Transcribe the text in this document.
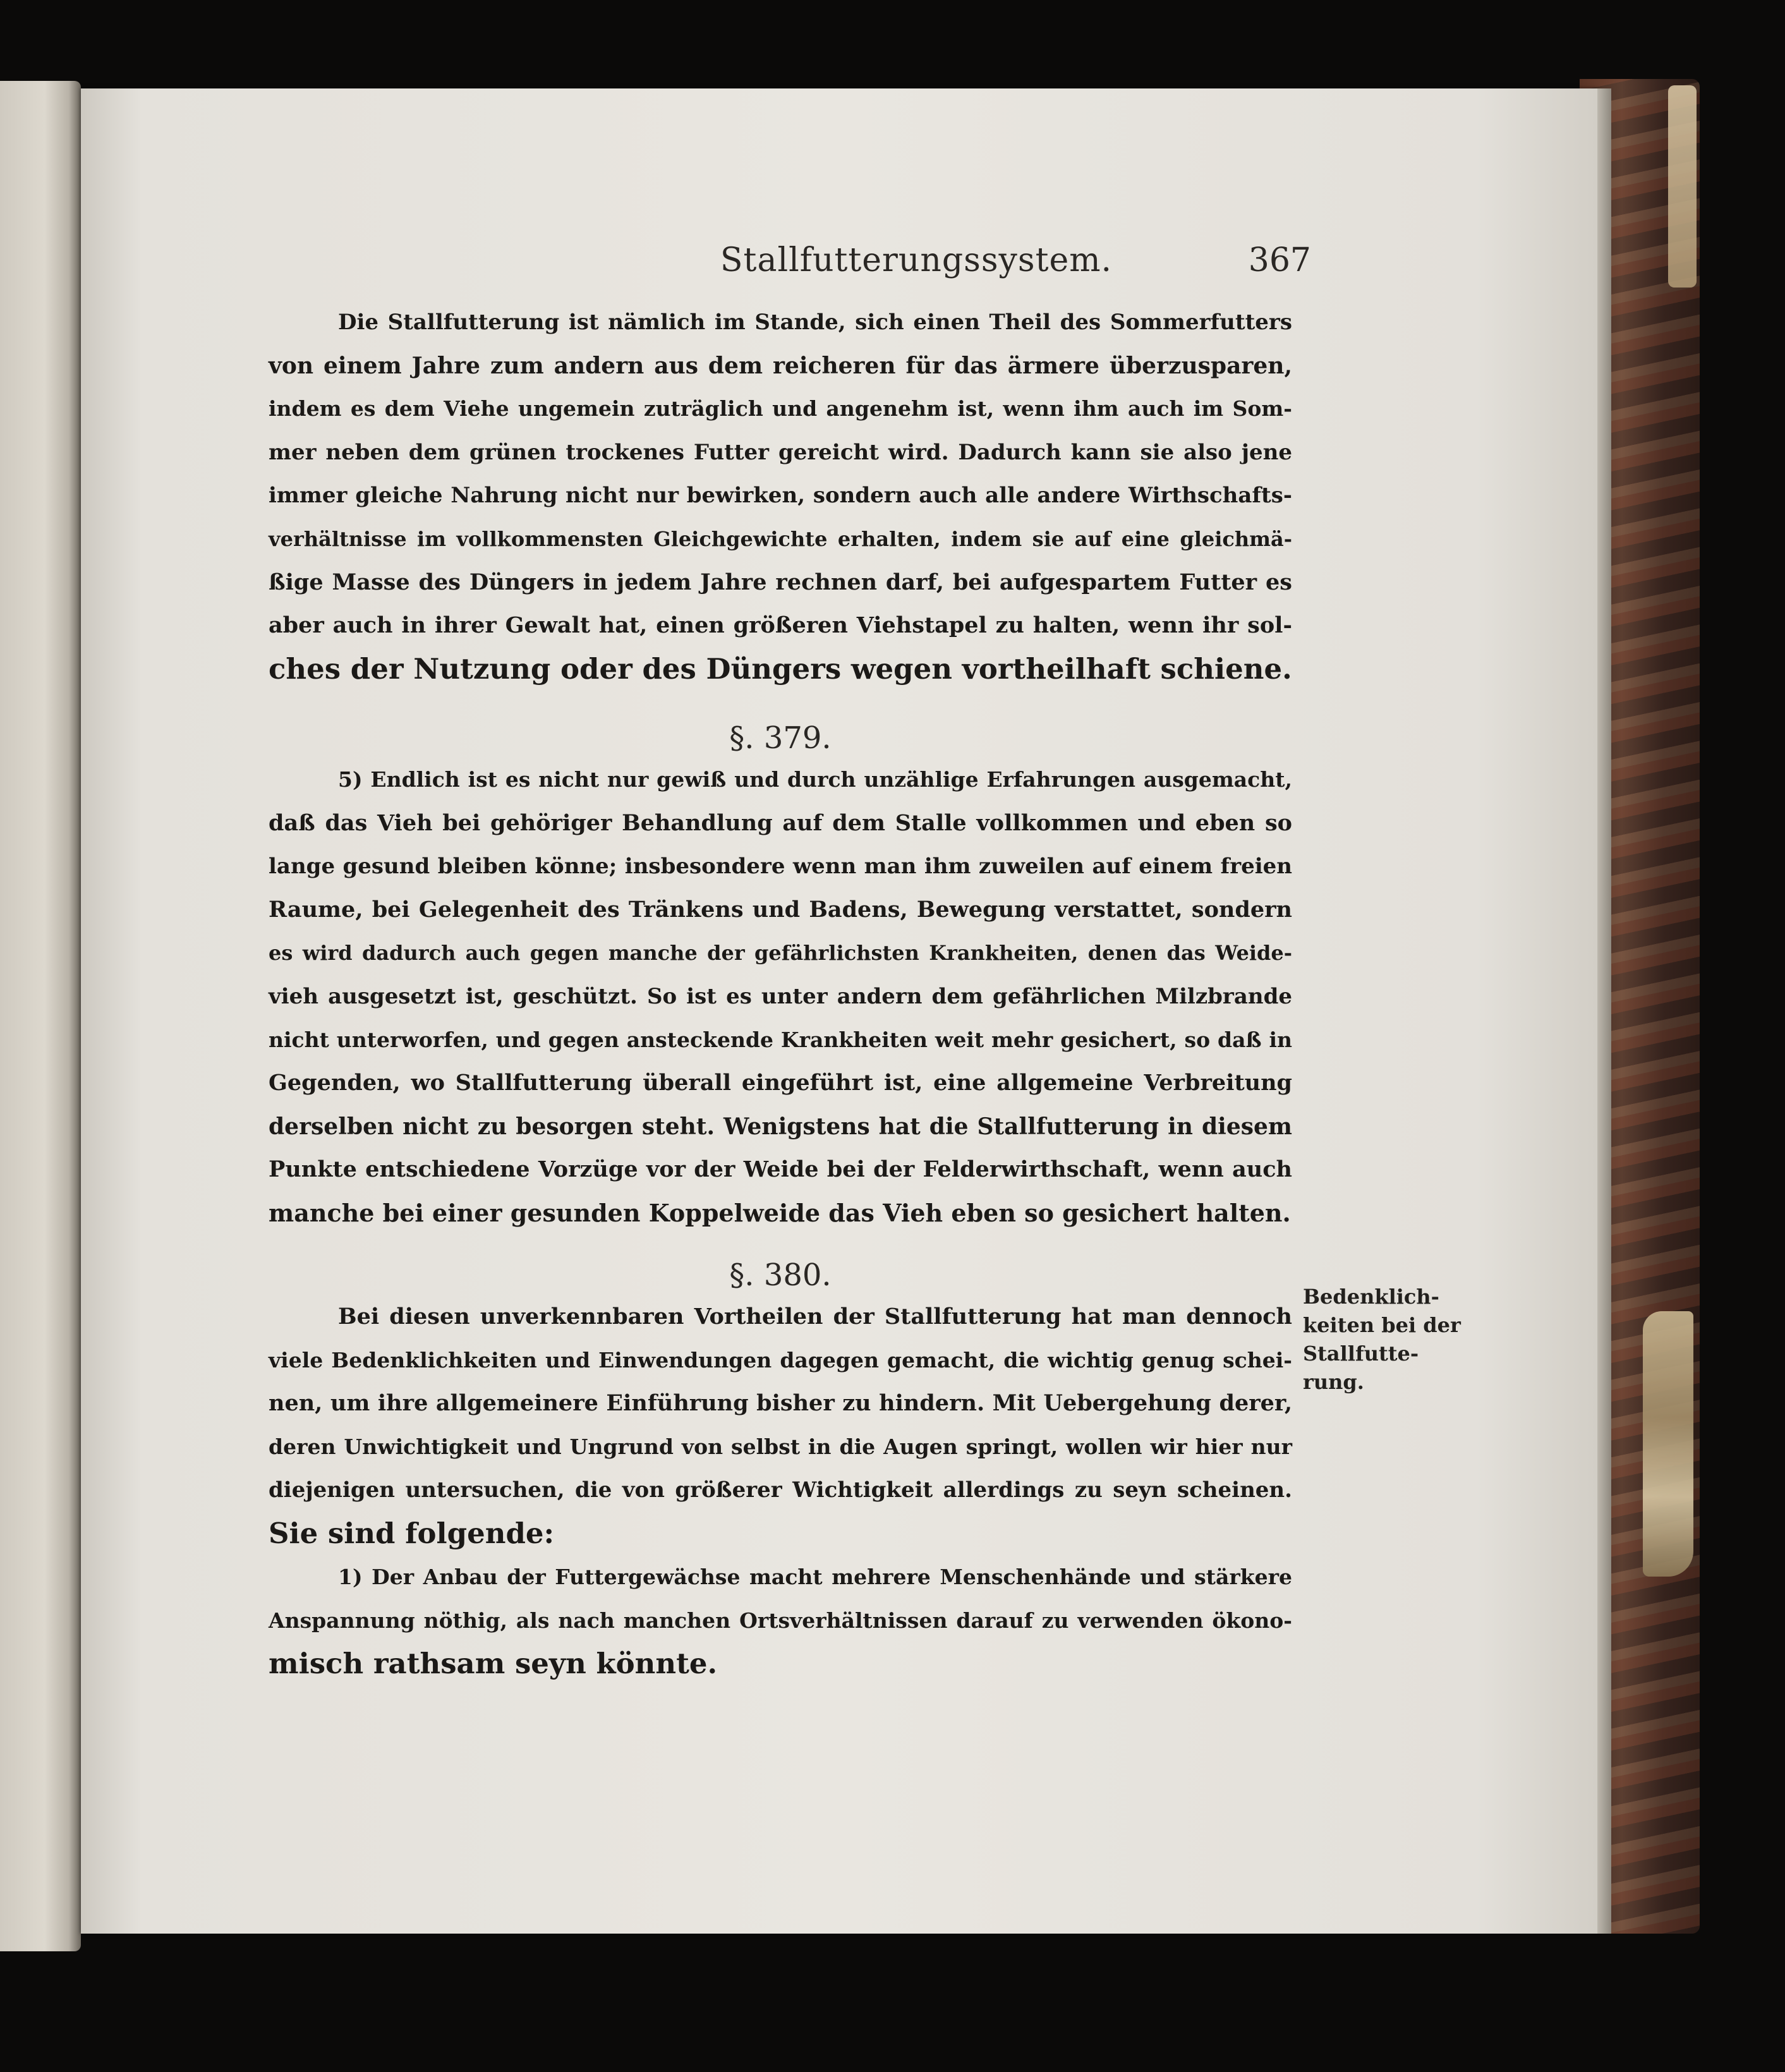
Stallfutterungssystem.	367
Die Stallfutterung ist nämlich im Stande, sich einen Theil des Sommerfutters
von einem Jahre zum andern aus dem reicheren für das ärmere überzusparen,
indem es dem Viehe ungemein zuträglich und angenehm ist, wenn ihm auch im Som-
mer neben dem grünen trockenes Futter gereicht wird. Dadurch kann sie also jene
immer gleiche Nahrung nicht nur bewirken, sondern auch alle andere Wirthschafts-
verhältnisse im vollkommensten Gleichgewichte erhalten, indem sie auf eine gleichmä-
ßige Masse des Düngers in jedem Jahre rechnen darf, bei aufgespartem Futter es
aber auch in ihrer Gewalt hat, einen größeren Viehstapel zu halten, wenn ihr sol-
ches der Nutzung oder des Düngers wegen vortheilhaft schiene.
§. 379.
5) Endlich ist es nicht nur gewiß und durch unzählige Erfahrungen ausgemacht,
daß das Vieh bei gehöriger Behandlung auf dem Stalle vollkommen und eben so
lange gesund bleiben könne; insbesondere wenn man ihm zuweilen auf einem freien
Raume, bei Gelegenheit des Tränkens und Badens, Bewegung verstattet, sondern
es wird dadurch auch gegen manche der gefährlichsten Krankheiten, denen das Weide-
vieh ausgesetzt ist, geschützt. So ist es unter andern dem gefährlichen Milzbrande
nicht unterworfen, und gegen ansteckende Krankheiten weit mehr gesichert, so daß in
Gegenden, wo Stallfutterung überall eingeführt ist, eine allgemeine Verbreitung
derselben nicht zu besorgen steht. Wenigstens hat die Stallfutterung in diesem
Punkte entschiedene Vorzüge vor der Weide bei der Felderwirthschaft, wenn auch
manche bei einer gesunden Koppelweide das Vieh eben so gesichert halten.
§. 380.
Bei diesen unverkennbaren Vortheilen der Stallfutterung hat man dennoch
viele Bedenklichkeiten und Einwendungen dagegen gemacht, die wichtig genug schei-
nen, um ihre allgemeinere Einführung bisher zu hindern. Mit Uebergehung derer,
deren Unwichtigkeit und Ungrund von selbst in die Augen springt, wollen wir hier nur
diejenigen untersuchen, die von größerer Wichtigkeit allerdings zu seyn scheinen.
Sie sind folgende:
1) Der Anbau der Futtergewächse macht mehrere Menschenhände und stärkere
Anspannung nöthig, als nach manchen Ortsverhältnissen darauf zu verwenden ökono-
misch rathsam seyn könnte.
Bedenklich-
keiten bei der
Stallfutte-
rung.
